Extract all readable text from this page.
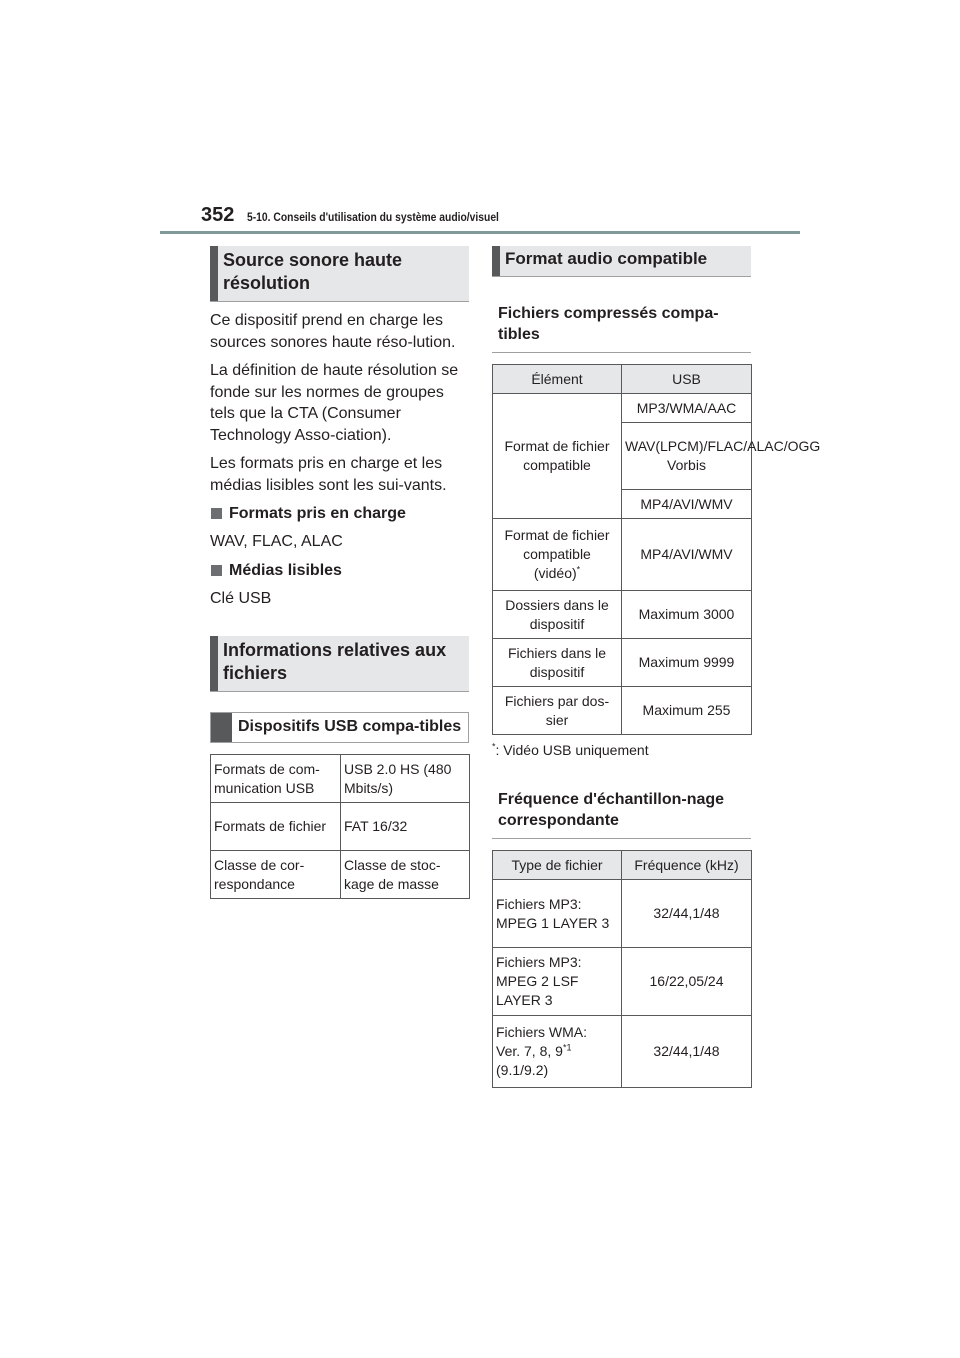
352 5-10. Conseils d'utilisation du système audio/visuel
Source sonore haute résolution

Ce dispositif prend en charge les sources sonores haute réso-lution.

La définition de haute résolution se fonde sur les normes de groupes tels que la CTA (Consumer Technology Asso-ciation).

Les formats pris en charge et les médias lisibles sont les sui-vants.

Formats pris en charge

WAV, FLAC, ALAC

Médias lisibles

Clé USB

Informations relatives aux fichiers
Dispositifs USB compa-tibles
Formats de com-munication USB	USB 2.0 HS (480 Mbits/s)
Formats de fichier	FAT 16/32
Classe de cor-respondance	Classe de stoc-kage de masse
Format audio compatible
Fichiers compressés compa-tibles
Élément	USB
Format de fichier compatible	MP3/WMA/AAC
	WAV(LPCM)/FLAC/ALAC/OGG Vorbis
	MP4/AVI/WMV
Format de fichier compatible
(vidéo)*	MP4/AVI/WMV
Dossiers dans le dispositif	Maximum 3000
Fichiers dans le dispositif	Maximum 9999
Fichiers par dos-sier	Maximum 255
*: Vidéo USB uniquement
Fréquence d'échantillon-nage correspondante
Type de fichier	Fréquence (kHz)
Fichiers MP3: MPEG 1 LAYER 3	32/44,1/48
Fichiers MP3: MPEG 2 LSF LAYER 3	16/22,05/24
Fichiers WMA:
Ver. 7, 8, 9$^{*1}$
(9.1/9.2)	32/44,1/48
